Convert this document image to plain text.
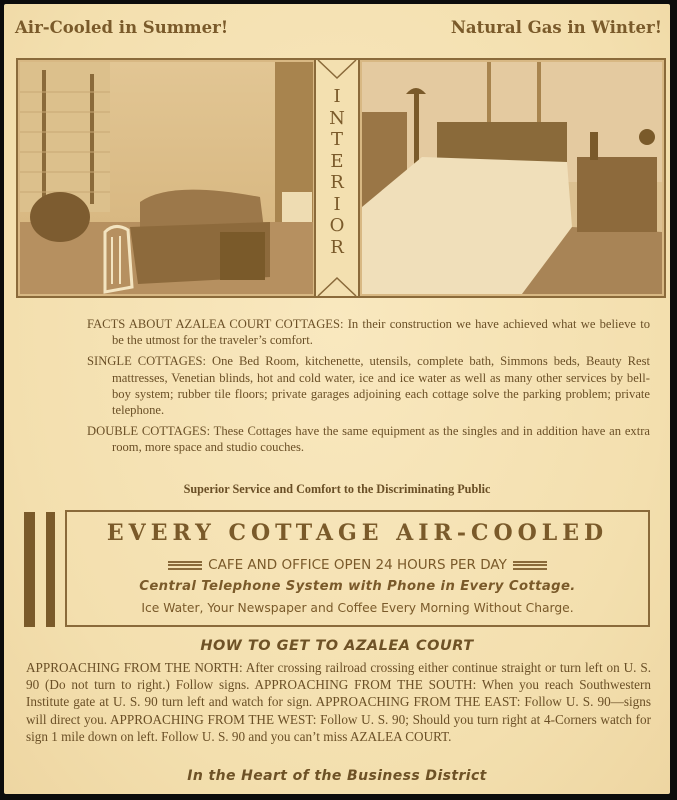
Air-Cooled in Summer!	Natural Gas in Winter!
I
N
T
E
R
I
O
R
FACTS ABOUT AZALEA COURT COTTAGES: In their construction we have achieved what we believe to be the utmost for the traveler’s comfort.
SINGLE COTTAGES: One Bed Room, kitchenette, utensils, complete bath, Simmons beds, Beauty Rest mattresses, Venetian blinds, hot and cold water, ice and ice water as well as many other services by bell-boy system; rubber tile floors; private garages adjoining each cottage solve the parking problem; private telephone.
DOUBLE COTTAGES: These Cottages have the same equipment as the singles and in addition have an extra room, more space and studio couches.
Superior Service and Comfort to the Discriminating Public
EVERY COTTAGE AIR-COOLED
CAFE AND OFFICE OPEN 24 HOURS PER DAY
Central Telephone System with Phone in Every Cottage.
Ice Water, Your Newspaper and Coffee Every Morning Without Charge.
HOW TO GET TO AZALEA COURT
APPROACHING FROM THE NORTH: After crossing railroad crossing either continue straight or turn left on U. S. 90 (Do not turn to right.) Follow signs. APPROACHING FROM THE SOUTH: When you reach Southwestern Institute gate at U. S. 90 turn left and watch for sign. APPROACHING FROM THE EAST: Follow U. S. 90—signs will direct you. APPROACHING FROM THE WEST: Follow U. S. 90; Should you turn right at 4-Corners watch for sign 1 mile down on left. Follow U. S. 90 and you can’t miss AZALEA COURT.
In the Heart of the Business District
